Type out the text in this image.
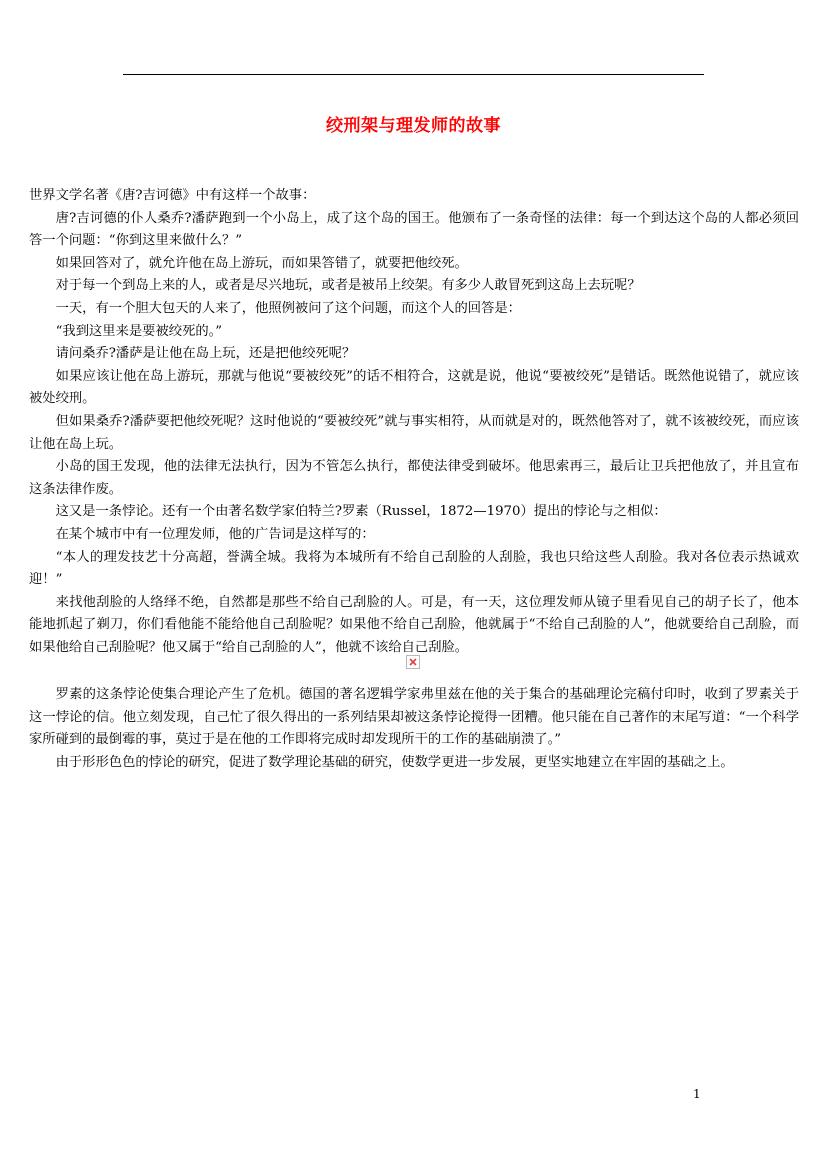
绞刑架与理发师的故事

世界文学名著《唐?吉诃德》中有这样一个故事：

唐?吉诃德的仆人桑乔?潘萨跑到一个小岛上，成了这个岛的国王。他颁布了一条奇怪的法律：每一个到达这个岛的人都必须回答一个问题：“你到这里来做什么？”

如果回答对了，就允许他在岛上游玩，而如果答错了，就要把他绞死。

对于每一个到岛上来的人，或者是尽兴地玩，或者是被吊上绞架。有多少人敢冒死到这岛上去玩呢？

一天，有一个胆大包天的人来了，他照例被问了这个问题，而这个人的回答是：

“我到这里来是要被绞死的。”

请问桑乔?潘萨是让他在岛上玩，还是把他绞死呢？

如果应该让他在岛上游玩，那就与他说“要被绞死”的话不相符合，这就是说，他说“要被绞死”是错话。既然他说错了，就应该被处绞刑。

但如果桑乔?潘萨要把他绞死呢？这时他说的“要被绞死”就与事实相符，从而就是对的，既然他答对了，就不该被绞死，而应该让他在岛上玩。

小岛的国王发现，他的法律无法执行，因为不管怎么执行，都使法律受到破坏。他思索再三，最后让卫兵把他放了，并且宣布这条法律作废。

这又是一条悖论。还有一个由著名数学家伯特兰?罗素（Russel，1872—1970）提出的悖论与之相似：

在某个城市中有一位理发师，他的广告词是这样写的：

“本人的理发技艺十分高超，誉满全城。我将为本城所有不给自己刮脸的人刮脸，我也只给这些人刮脸。我对各位表示热诚欢迎！”

来找他刮脸的人络绎不绝，自然都是那些不给自己刮脸的人。可是，有一天，这位理发师从镜子里看见自己的胡子长了，他本能地抓起了剃刀，你们看他能不能给他自己刮脸呢？如果他不给自己刮脸，他就属于“不给自己刮脸的人”，他就要给自己刮脸，而如果他给自己刮脸呢？他又属于“给自己刮脸的人”，他就不该给自己刮脸。

罗素的这条悖论使集合理论产生了危机。德国的著名逻辑学家弗里兹在他的关于集合的基础理论完稿付印时，收到了罗素关于这一悖论的信。他立刻发现，自己忙了很久得出的一系列结果却被这条悖论搅得一团糟。他只能在自己著作的末尾写道：“一个科学家所碰到的最倒霉的事，莫过于是在他的工作即将完成时却发现所干的工作的基础崩溃了。”

由于形形色色的悖论的研究，促进了数学理论基础的研究，使数学更进一步发展，更坚实地建立在牢固的基础之上。

1
